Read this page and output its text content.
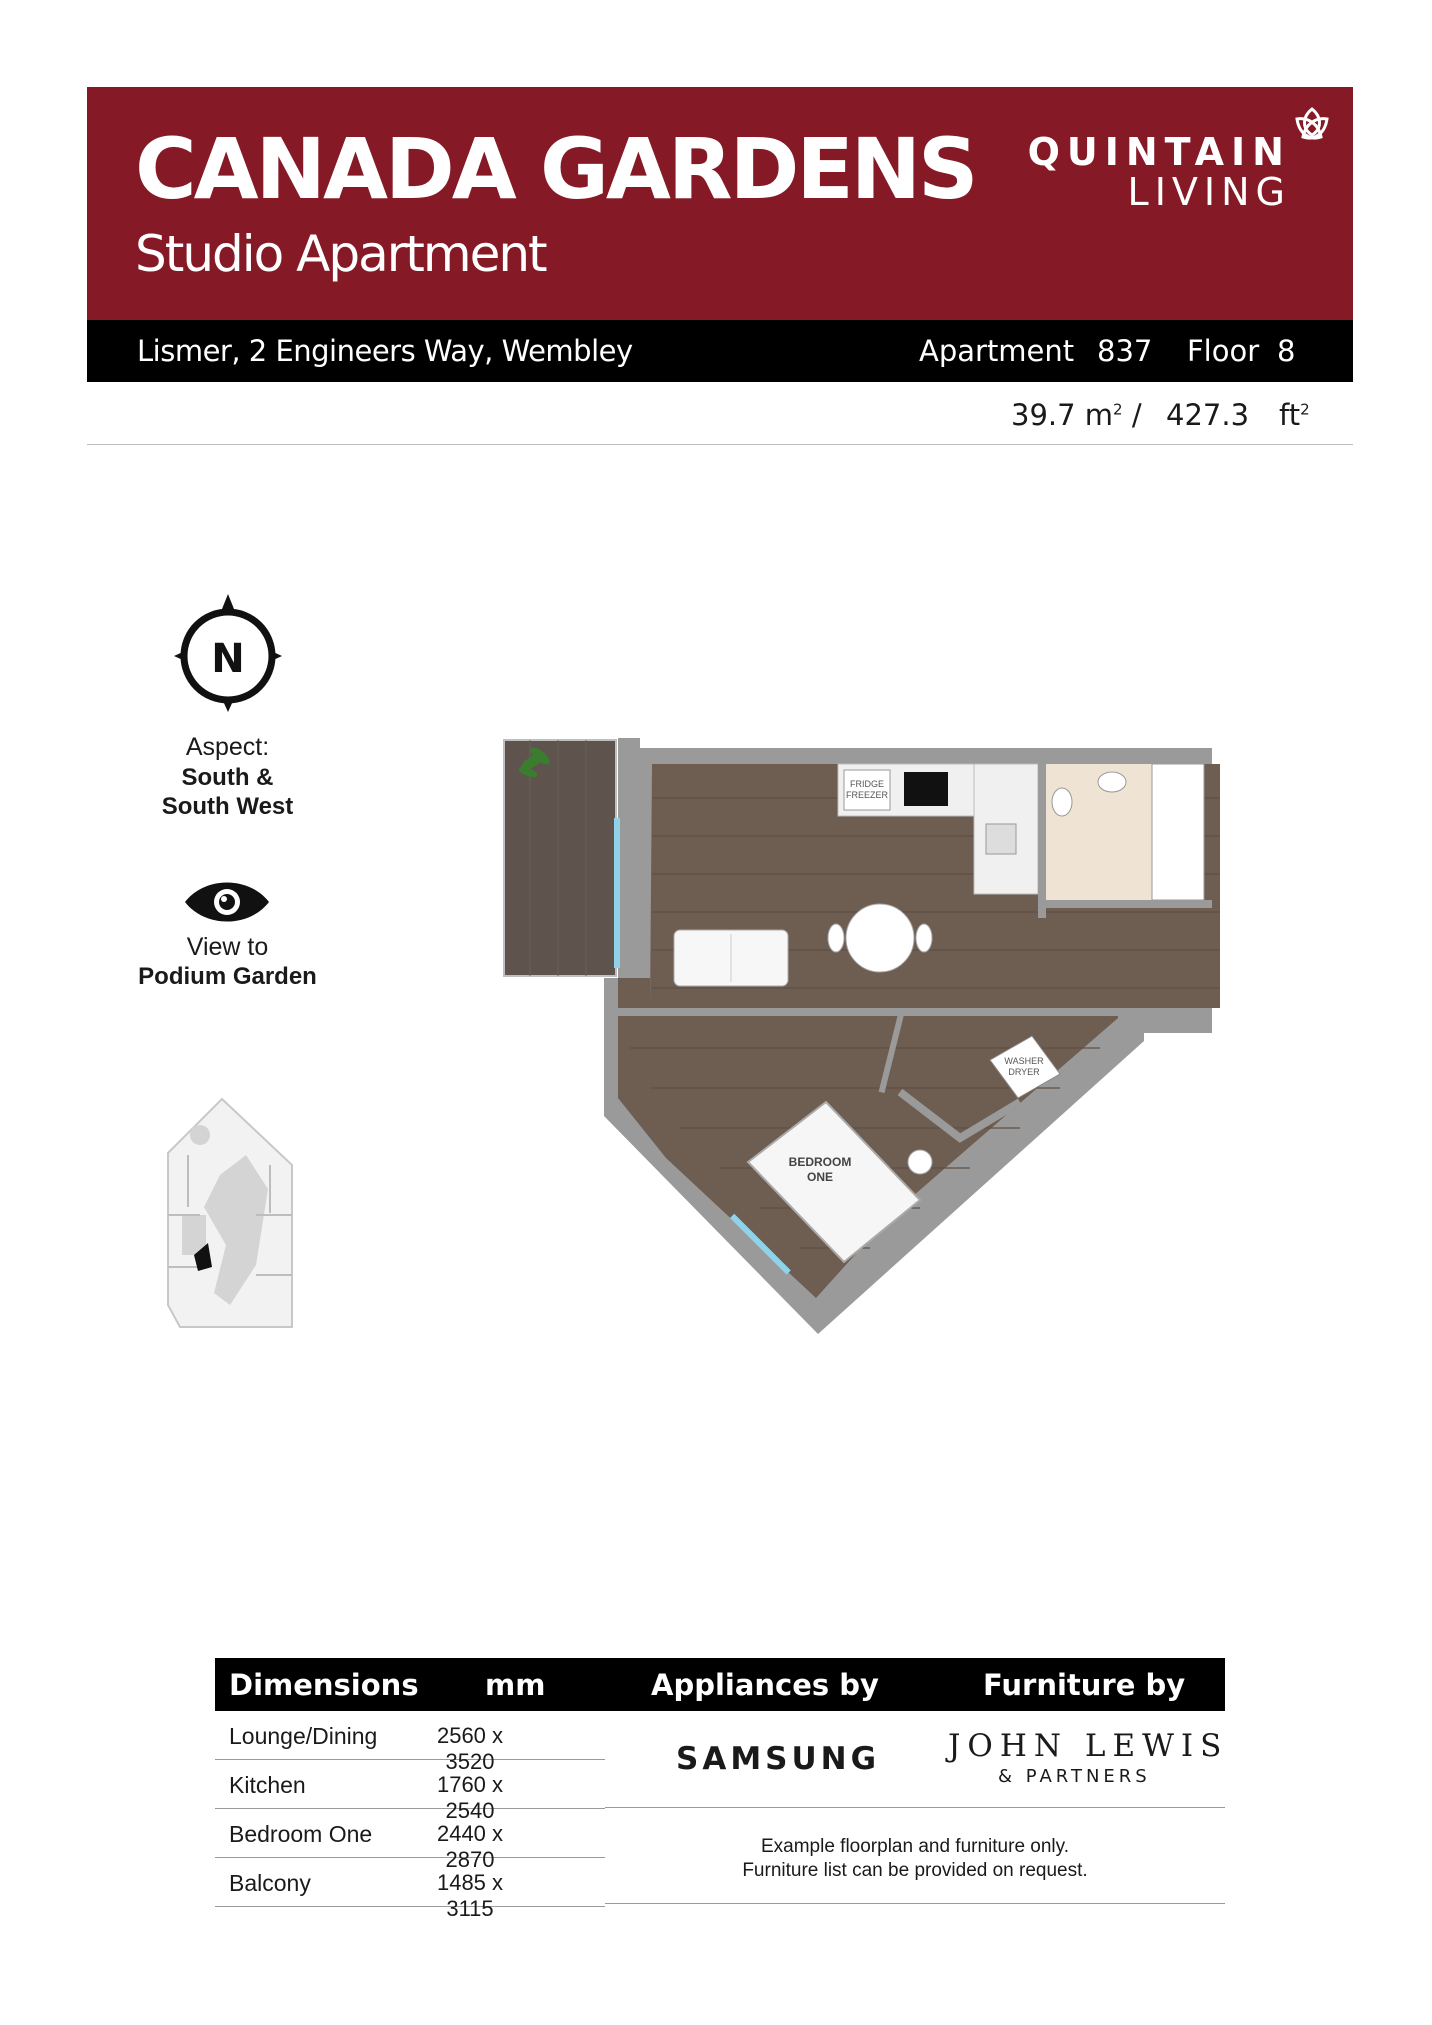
CANADA GARDENS
Studio Apartment
QUINTAIN
LIVING
Lismer, 2 Engineers Way, Wembley	Apartment 837 Floor 8
39.7 $m^2 / 427.3$ $ft^2$
N
Aspect:
South &
South West
View to
Podium Garden
FRIDGE
FREEZER
WASHER
DRYER
BEDROOM
ONE
Dimensions mm	Appliances by	Furniture by
Lounge/Dining	2560 x 3520
Kitchen	1760 x 2540
Bedroom One	2440 x 2870
Balcony	1485 x 3115
SAMSUNG JOHN LEWIS
& PARTNERS
Example floorplan and furniture only.
Furniture list can be provided on request.
